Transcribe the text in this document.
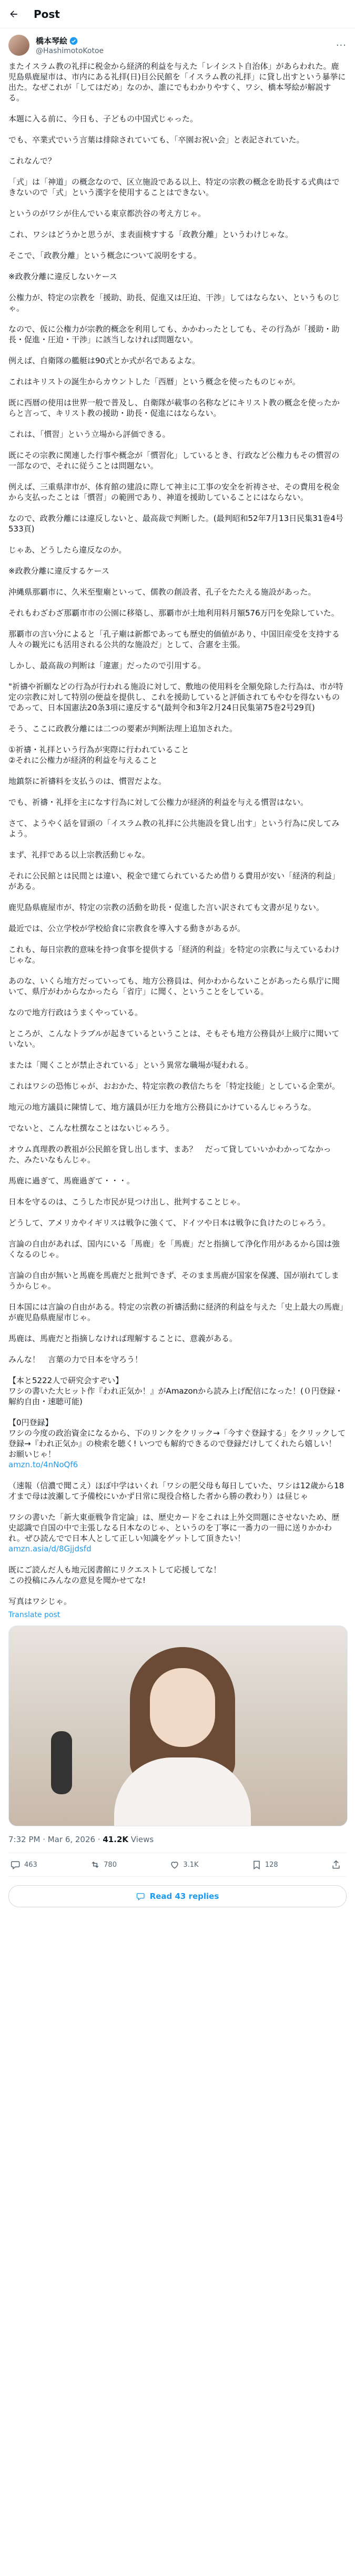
Post
橋本琴絵
@HashimotoKotoe
···

またイスラム教の礼拝に税金から経済的利益を与えた「レイシスト自治体」があらわれた。鹿児島県鹿屋市は、市内にある礼拝(日)目公民館を「イスラム教の礼拝」に貸し出すという暴挙に出た。なぜこれが「してはだめ」なのか、誰にでもわかりやすく、ワシ、橋本琴絵が解説する。

本題に入る前に、今日も、子どもの中国式じゃった。

でも、卒業式でいう言葉は排除されていても、「卒園お祝い会」と表記されていた。

これなんで？

「式」は「神道」の概念なので、区立施設である以上、特定の宗教の概念を助長する式典はできないので「式」という漢字を使用することはできない。

というのがワシが住んでいる東京都渋谷の考え方じゃ。

これ、ワシはどうかと思うが、ま表面検すする「政教分離」というわけじゃな。

そこで、「政教分離」という概念について説明をする。

※政教分離に違反しないケース

公権力が、特定の宗教を「援助、助長、促進又は圧迫、干渉」してはならない、というものじゃ。

なので、仮に公権力が宗教的概念を利用しても、かかわったとしても、その行為が「援助・助長・促進・圧迫・干渉」に該当しなければ問題ない。

例えば、自衛隊の艦艇は90式とか式が名であるよな。

これはキリストの誕生からカウントした「西暦」という概念を使ったものじゃが。

既に西暦の使用は世界一般で普及し、自衛隊が載事の名称などにキリスト教の概念を使ったからと言って、キリスト教の援助・助長・促進にはならない。

これは、「慣習」という立場から評価できる。

既にその宗教に関連した行事や概念が「慣習化」しているとき、行政など公権力もその慣習の一部なので、それに従うことは問題ない。

例えば、三重県津市が、体育館の建設に際して神主に工事の安全を祈祷させ、その費用を税金から支払ったことは「慣習」の範囲であり、神道を援助していることにはならない。

なので、政教分離には違反しないと、最高裁で判断した。(最判昭和52年7月13日民集31巻4号533頁)

じゃあ、どうしたら違反なのか。

※政教分離に違反するケース

沖縄県那覇市に、久米至聖廟といって、儒教の創設者、孔子をたたえる施設があった。

それもわざわざ那覇市市の公園に移築し、那覇市が土地利用料月額576万円を免除していた。

那覇市の言い分によると「孔子廟は新都であっても歴史的価値があり、中国旧産受を支持する人々の観光にも活用される公共的な施設だ」として、合憲を主張。

しかし、最高裁の判断は「違憲」だったので引用する。

"祈禱や祈願などの行為が行われる施設に対して、敷地の使用料を全額免除した行為は、市が特定の宗教に対して特別の便益を提供し、これを援助していると評価されてもやむを得ないものであって、日本国憲法20条3項に違反する"(最判令和3年2月24日民集第75巻2号29頁)

そう、ここに政教分離には二つの要素が判断法理上追加された。

①祈禱・礼拝という行為が実際に行われていること
②それに公権力が経済的利益を与えること

地鎮祭に祈禱料を支払うのは、慣習だよな。

でも、祈禱・礼拝を主になす行為に対して公権力が経済的利益を与える慣習はない。

さて、ようやく話を冒頭の「イスラム教の礼拝に公共施設を貸し出す」という行為に戻してみよう。

まず、礼拝である以上宗教活動じゃな。

それに公民館とは民間とは違い、税金で建てられているため借りる費用が安い「経済的利益」がある。

鹿児島県鹿屋市が、特定の宗教の活動を助長・促進した言い訳されても文書が足りない。

最近では、公立学校が学校給食に宗教食を導入する動きがあるが。

これも、毎日宗教的意味を持つ食事を提供する「経済的利益」を特定の宗教に与えているわけじゃな。

あのな、いくら地方だっていっても、地方公務員は、何かわからないことがあったら県庁に聞いて、県庁がわからなかったら「省庁」に聞く、ということをしている。

なので地方行政はうまくやっている。

ところが、こんなトラブルが起きているということは、そもそも地方公務員が上級庁に聞いていない。

または「聞くことが禁止されている」という異常な職場が疑われる。

これはワシの恐怖じゃが、おおかた、特定宗教の教信たちを「特定技能」としている企業が。

地元の地方議員に陳情して、地方議員が圧力を地方公務員にかけているんじゃろうな。

でないと、こんな杜撰なことはないじゃろう。

オウム真理教の教祖が公民館を貸し出します、まあ？　だって貸していいかわかってなかった、みたいなもんじゃ。

馬鹿に過ぎて、馬鹿過ぎて・・・。

日本を守るのは、こうした市民が見つけ出し、批判することじゃ。

どうして、アメリカやイギリスは戦争に強くて、ドイツや日本は戦争に負けたのじゃろう。

言論の自由があれば、国内にいる「馬鹿」を「馬鹿」だと指摘して浄化作用があるから国は強くなるのじゃ。

言論の自由が無いと馬鹿を馬鹿だと批判できず、そのまま馬鹿が国家を保護、国が崩れてしまうからじゃ。

日本国には言論の自由がある。特定の宗教の祈禱活動に経済的利益を与えた「史上最大の馬鹿」が鹿児島県鹿屋市じゃ。

馬鹿は、馬鹿だと指摘しなければ理解することに、意義がある。

みんな！　言葉の力で日本を守ろう！

【本と5222人で研究会すぞい】

ワシの書いた大ヒット作『われ正気か！』がAmazonから読み上げ配信になった！(０円登録・解約自由・速聴可能)

【0円登録】

ワシの今度の政治資金になるから、下のリンクをクリック→「今すぐ登録する」をクリックして登録→『われ正気か』の検索を聴く! いつでも解約できるので登録だけしてくれたら嬉しい！　お願いじゃ！

amzn.to/4nNoQf6

（速報（信濃で聞こえ）ほぼ中学はいくれ「ワシの肥父母も毎日していた、ワシは12歳から18才まで母は波瀬して予備校にいかず日常に現役合格した者から勝の教わり）は昼じゃ

ワシの書いた「新大東亜戦争肯定論」は、歴史カードをこれは上外交問題にさせないため、歴史認識で自国の中で主張しなる日本なのじゃ、というのを丁寧に一番力の一冊に送りかかわれ。ぜひ読んでで日本人として正しい知識をゲットして頂きたい！

amzn.asia/d/8Gjjdsfd

既にご読んだ人も地元図書館にリクエストして応援してな！
この投稿にみんなの意見を聞かせてな!

写真はワシじゃ。

Translate post
7:32 PM · Mar 6, 2026 · 41.2K Views
463	780	3.1K	128
Read 43 replies
